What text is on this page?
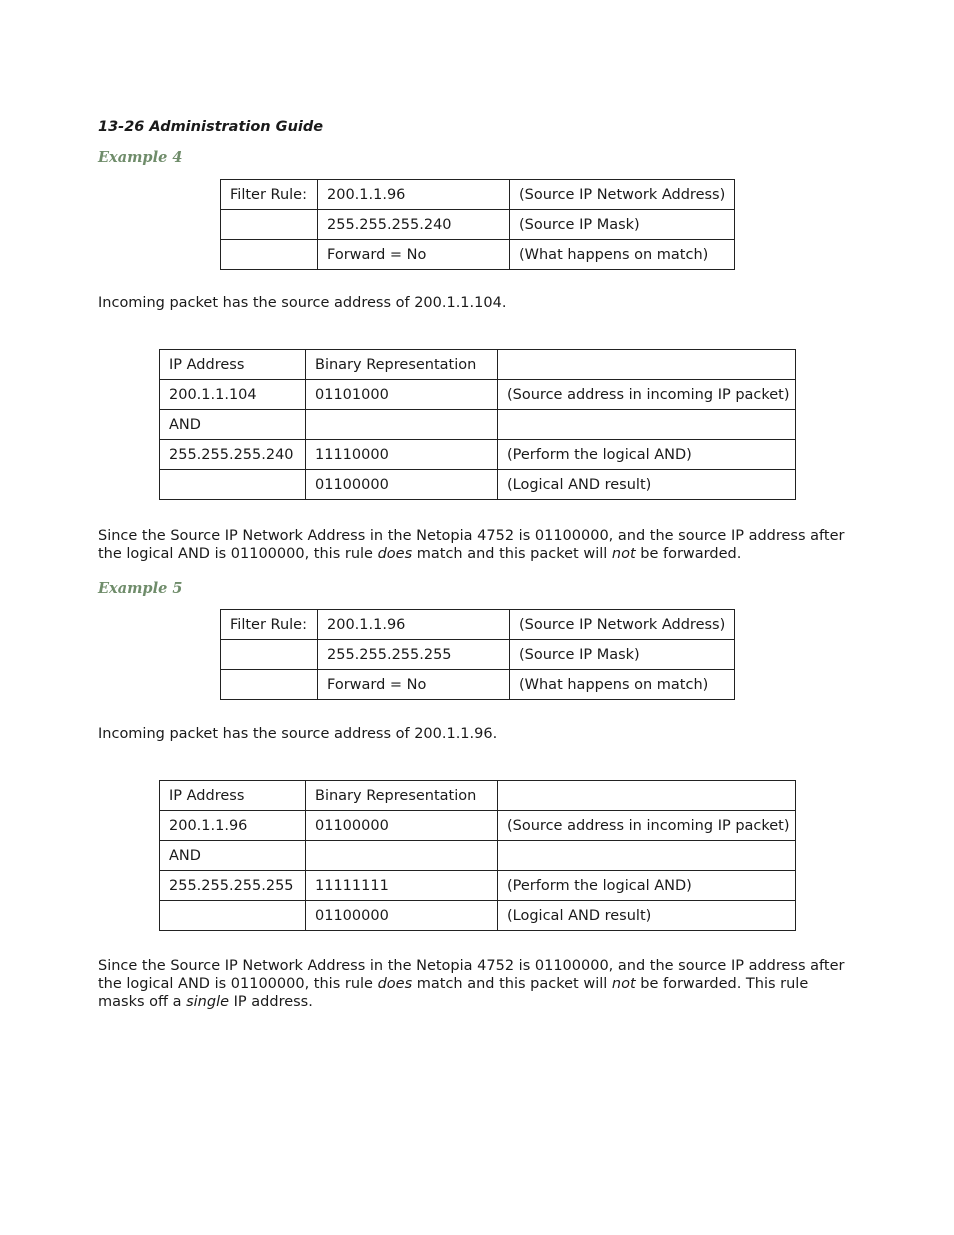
13-26 Administration Guide
Example 4
Filter Rule:	200.1.1.96	(Source IP Network Address)
	255.255.255.240	(Source IP Mask)
	Forward = No	(What happens on match)
Incoming packet has the source address of 200.1.1.104.
IP Address	Binary Representation	
200.1.1.104	01101000	(Source address in incoming IP packet)
AND		
255.255.255.240	11110000	(Perform the logical AND)
	01100000	(Logical AND result)
Since the Source IP Network Address in the Netopia 4752 is 01100000, and the source IP address after the logical AND is 01100000, this rule does match and this packet will not be forwarded.
Example 5
Filter Rule:	200.1.1.96	(Source IP Network Address)
	255.255.255.255	(Source IP Mask)
	Forward = No	(What happens on match)
Incoming packet has the source address of 200.1.1.96.
IP Address	Binary Representation	
200.1.1.96	01100000	(Source address in incoming IP packet)
AND		
255.255.255.255	11111111	(Perform the logical AND)
	01100000	(Logical AND result)
Since the Source IP Network Address in the Netopia 4752 is 01100000, and the source IP address after the logical AND is 01100000, this rule does match and this packet will not be forwarded. This rule masks off a single IP address.
